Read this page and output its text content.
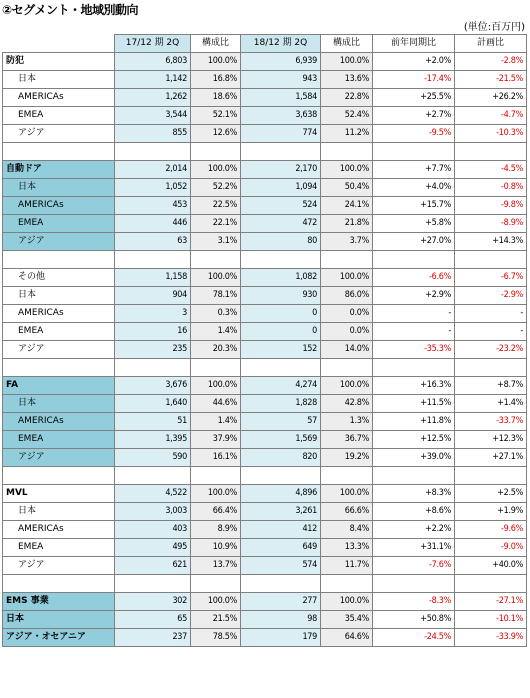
②セグメント・地域別動向
(単位:百万円)
	17/12 期 2Q	構成比	18/12 期 2Q	構成比	前年同期比	計画比
防犯	6,803	100.0%	6,939	100.0%	+2.0%	-2.8%
日本	1,142	16.8%	943	13.6%	-17.4%	-21.5%
AMERICAs	1,262	18.6%	1,584	22.8%	+25.5%	+26.2%
EMEA	3,544	52.1%	3,638	52.4%	+2.7%	-4.7%
アジア	855	12.6%	774	11.2%	-9.5%	-10.3%

自動ドア	2,014	100.0%	2,170	100.0%	+7.7%	-4.5%
日本	1,052	52.2%	1,094	50.4%	+4.0%	-0.8%
AMERICAs	453	22.5%	524	24.1%	+15.7%	-9.8%
EMEA	446	22.1%	472	21.8%	+5.8%	-8.9%
アジア	63	3.1%	80	3.7%	+27.0%	+14.3%

その他	1,158	100.0%	1,082	100.0%	-6.6%	-6.7%
日本	904	78.1%	930	86.0%	+2.9%	-2.9%
AMERICAs	3	0.3%	0	0.0%	-	-
EMEA	16	1.4%	0	0.0%	-	-
アジア	235	20.3%	152	14.0%	-35.3%	-23.2%

FA	3,676	100.0%	4,274	100.0%	+16.3%	+8.7%
日本	1,640	44.6%	1,828	42.8%	+11.5%	+1.4%
AMERICAs	51	1.4%	57	1.3%	+11.8%	-33.7%
EMEA	1,395	37.9%	1,569	36.7%	+12.5%	+12.3%
アジア	590	16.1%	820	19.2%	+39.0%	+27.1%

MVL	4,522	100.0%	4,896	100.0%	+8.3%	+2.5%
日本	3,003	66.4%	3,261	66.6%	+8.6%	+1.9%
AMERICAs	403	8.9%	412	8.4%	+2.2%	-9.6%
EMEA	495	10.9%	649	13.3%	+31.1%	-9.0%
アジア	621	13.7%	574	11.7%	-7.6%	+40.0%

EMS 事業	302	100.0%	277	100.0%	-8.3%	-27.1%
日本	65	21.5%	98	35.4%	+50.8%	-10.1%
アジア・オセアニア	237	78.5%	179	64.6%	-24.5%	-33.9%
